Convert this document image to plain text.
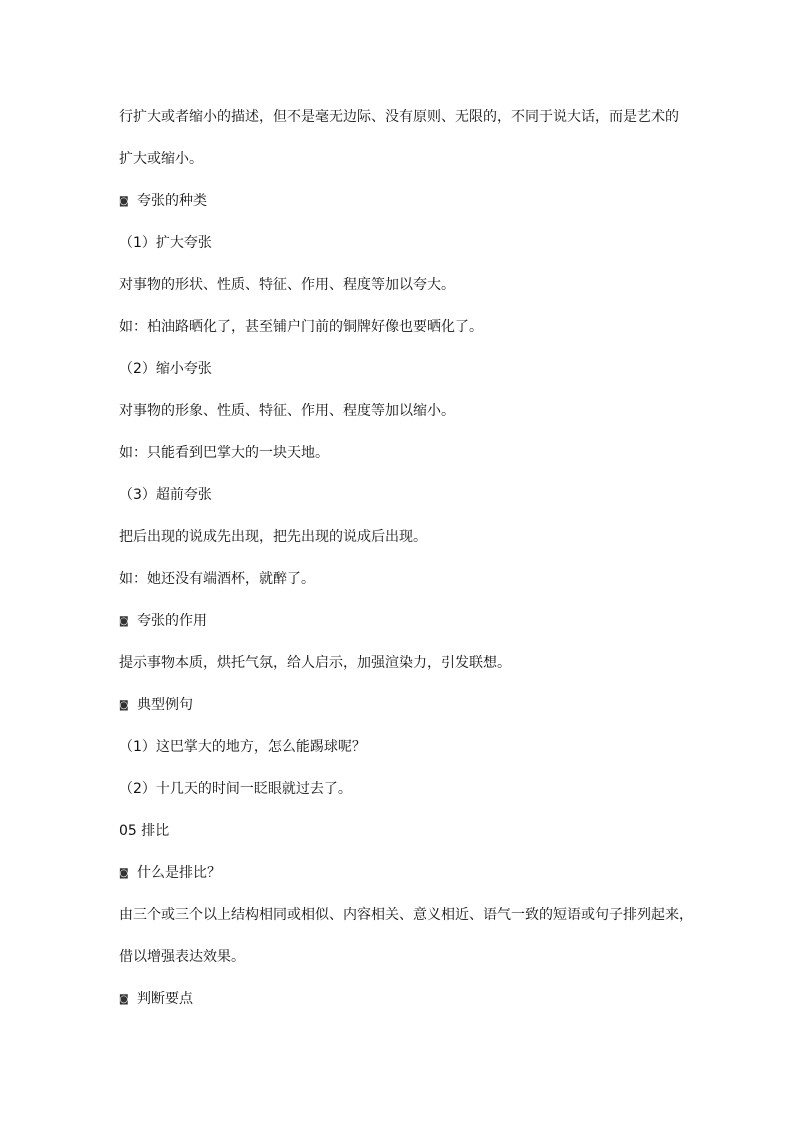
行扩大或者缩小的描述，但不是毫无边际、没有原则、无限的，不同于说大话，而是艺术的
扩大或缩小。
◙ 夸张的种类
（1）扩大夸张
对事物的形状、性质、特征、作用、程度等加以夸大。
如：柏油路晒化了，甚至铺户门前的铜牌好像也要晒化了。
（2）缩小夸张
对事物的形象、性质、特征、作用、程度等加以缩小。
如：只能看到巴掌大的一块天地。
（3）超前夸张
把后出现的说成先出现，把先出现的说成后出现。
如：她还没有端酒杯，就醉了。
◙ 夸张的作用
提示事物本质，烘托气氛，给人启示，加强渲染力，引发联想。
◙ 典型例句
（1）这巴掌大的地方，怎么能踢球呢？
（2）十几天的时间一眨眼就过去了。
05 排比
◙ 什么是排比？
由三个或三个以上结构相同或相似、内容相关、意义相近、语气一致的短语或句子排列起来，
借以增强表达效果。
◙ 判断要点
